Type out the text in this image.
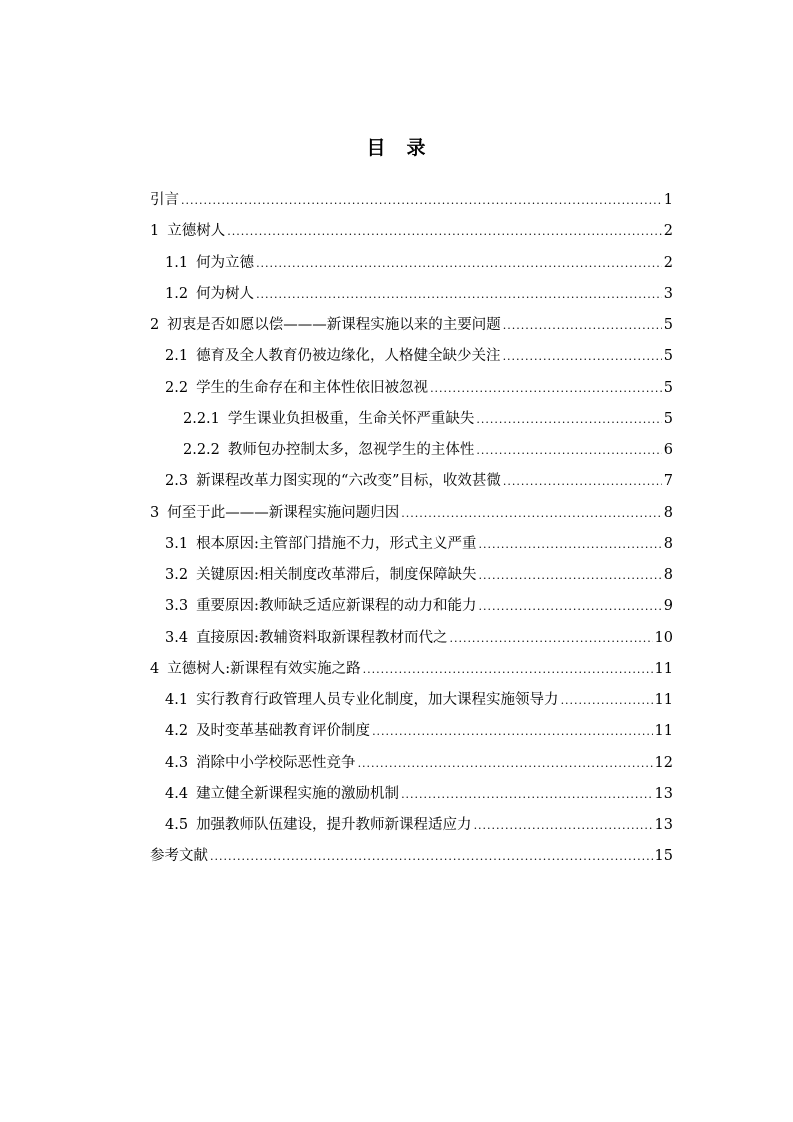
目　录
引言 .....	1
1 立德树人 .....	2
1.1 何为立德 .....	2
1.2 何为树人 .....	3
2 初衷是否如愿以偿———新课程实施以来的主要问题 .....	5
2.1 德育及全人教育仍被边缘化，人格健全缺少关注 .....	5
2.2 学生的生命存在和主体性依旧被忽视 .....	5
2.2.1 学生课业负担极重，生命关怀严重缺失 .....	5
2.2.2 教师包办控制太多，忽视学生的主体性 .....	6
2.3 新课程改革力图实现的“六改变”目标，收效甚微 .....	7
3 何至于此———新课程实施问题归因 .....	8
3.1 根本原因:主管部门措施不力，形式主义严重 .....	8
3.2 关键原因:相关制度改革滞后，制度保障缺失 .....	8
3.3 重要原因:教师缺乏适应新课程的动力和能力 .....	9
3.4 直接原因:教辅资料取新课程教材而代之 .....	10
4 立德树人:新课程有效实施之路 .....	11
4.1 实行教育行政管理人员专业化制度，加大课程实施领导力 .....	11
4.2 及时变革基础教育评价制度 .....	11
4.3 消除中小学校际恶性竞争 .....	12
4.4 建立健全新课程实施的激励机制 .....	13
4.5 加强教师队伍建设，提升教师新课程适应力 .....	13
参考文献 .....	15
